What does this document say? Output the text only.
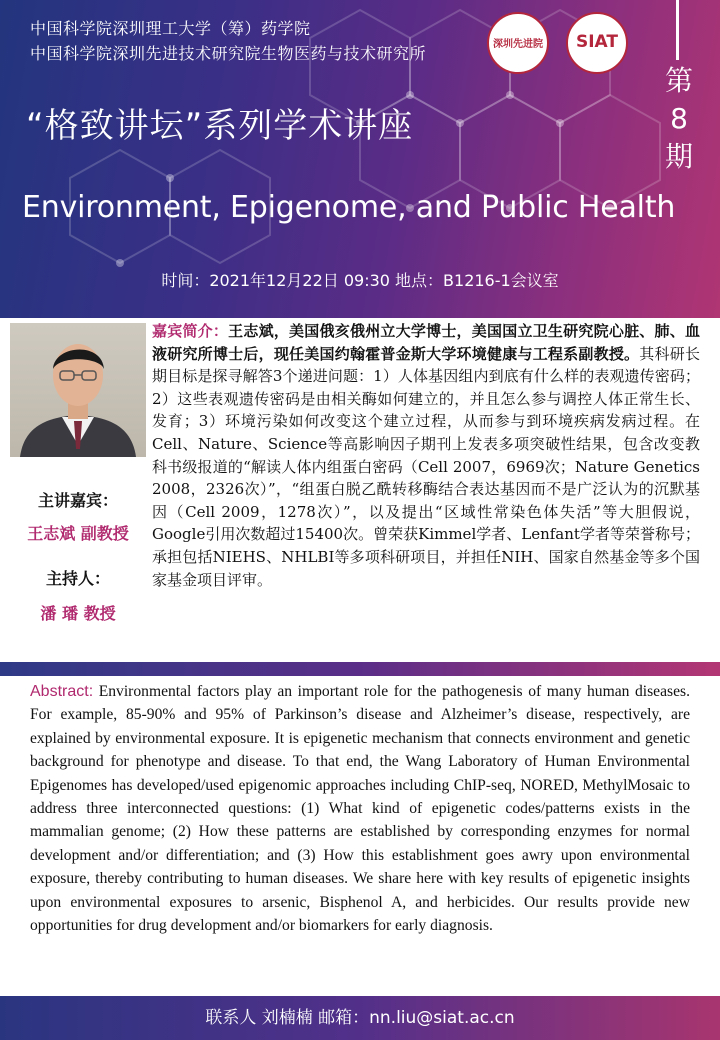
中国科学院深圳理工大学（筹）药学院
中国科学院深圳先进技术研究院生物医药与技术研究所	深圳先进院	SIAT
第
8
期
“格致讲坛”系列学术讲座
Environment, Epigenome, and Public Health
时间：2021年12月22日 09:30 地点：B1216-1会议室
主讲嘉宾：
王志斌 副教授
主持人：
潘 璠 教授
嘉宾简介：王志斌，美国俄亥俄州立大学博士，美国国立卫生研究院心脏、肺、血液研究所博士后，现任美国约翰霍普金斯大学环境健康与工程系副教授。其科研长期目标是探寻解答3个递进问题：1）人体基因组内到底有什么样的表观遗传密码；2）这些表观遗传密码是由相关酶如何建立的，并且怎么参与调控人体正常生长、发育；3）环境污染如何改变这个建立过程，从而参与到环境疾病发病过程。在Cell、Nature、Science等高影响因子期刊上发表多项突破性结果，包含改变教科书级报道的“解读人体内组蛋白密码（Cell 2007，6969次；Nature Genetics 2008，2326次）”，“组蛋白脱乙酰转移酶结合表达基因而不是广泛认为的沉默基因（Cell 2009，1278次）”，以及提出“区域性常染色体失活”等大胆假说，Google引用次数超过15400次。曾荣获Kimmel学者、Lenfant学者等荣誉称号；承担包括NIEHS、NHLBI等多项科研项目，并担任NIH、国家自然基金等多个国家基金项目评审。
Abstract: Environmental factors play an important role for the pathogenesis of many human diseases. For example, 85-90% and 95% of Parkinson’s disease and Alzheimer’s disease, respectively, are explained by environmental exposure. It is epigenetic mechanism that connects environment and genetic background for phenotype and disease. To that end, the Wang Laboratory of Human Environmental Epigenomes has developed/used epigenomic approaches including ChIP-seq, NORED, MethylMosaic to address three interconnected questions: (1) What kind of epigenetic codes/patterns exists in the mammalian genome; (2) How these patterns are established by corresponding enzymes for normal development and/or differentiation; and (3) How this establishment goes awry upon environmental exposure, thereby contributing to human diseases. We share here with key results of epigenetic insights upon environmental exposures to arsenic, Bisphenol A, and herbicides. Our results provide new opportunities for drug development and/or biomarkers for early diagnosis.
联系人 刘楠楠 邮箱：nn.liu@siat.ac.cn
